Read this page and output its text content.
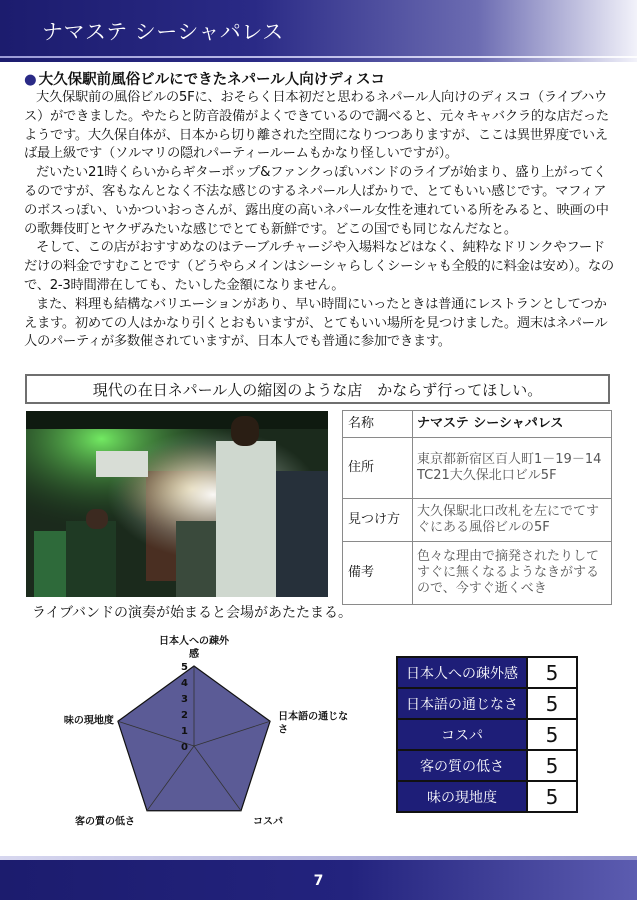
ナマステ シーシャパレス

● 大久保駅前風俗ビルにできたネパール人向けディスコ

大久保駅前の風俗ビルの5Fに、おそらく日本初だと思わるネパール人向けのディスコ（ライブハウス）ができました。やたらと防音設備がよくできているので調べると、元々キャバクラ的な店だったようです。大久保自体が、日本から切り離された空間になりつつありますが、ここは異世界度でいえば最上級です（ソルマリの隠れパーティールームもかなり怪しいですが）。

だいたい21時くらいからギターポップ&ファンクっぽいバンドのライブが始まり、盛り上がってくるのですが、客もなんとなく不法な感じのするネパール人ばかりで、とてもいい感じです。マフィアのボスっぽい、いかついおっさんが、露出度の高いネパール女性を連れている所をみると、映画の中の歌舞伎町とヤクザみたいな感じでとても新鮮です。どこの国でも同じなんだなと。

そして、この店がおすすめなのはテーブルチャージや入場料などはなく、純粋なドリンクやフードだけの料金ですむことです（どうやらメインはシーシャらしくシーシャも全般的に料金は安め）。なので、2-3時間滞在しても、たいした金額になりません。

また、料理も結構なバリエーションがあり、早い時間にいったときは普通にレストランとしてつかえます。初めての人はかなり引くとおもいますが、とてもいい場所を見つけました。週末はネパール人のパーティが多数催されていますが、日本人でも普通に参加できます。

現代の在日ネパール人の縮図のような店　かならず行ってほしい。
ライブバンドの演奏が始まると会場があたたまる。
名称	ナマステ シーシャパレス
住所	東京都新宿区百人町1－19－14 TC21大久保北口ビル5F
見つけ方	大久保駅北口改札を左にでてすぐにある風俗ビルの5F
備考	色々な理由で摘発されたりしてすぐに無くなるようなきがするので、今すぐ逝くべき
0
1
2
3
4
5
日本人への疎外
感
日本語の通じな
さ
コスパ
客の質の低さ
味の現地度
日本人への疎外感	5
日本語の通じなさ	5
コスパ	5
客の質の低さ	5
味の現地度	5
7
